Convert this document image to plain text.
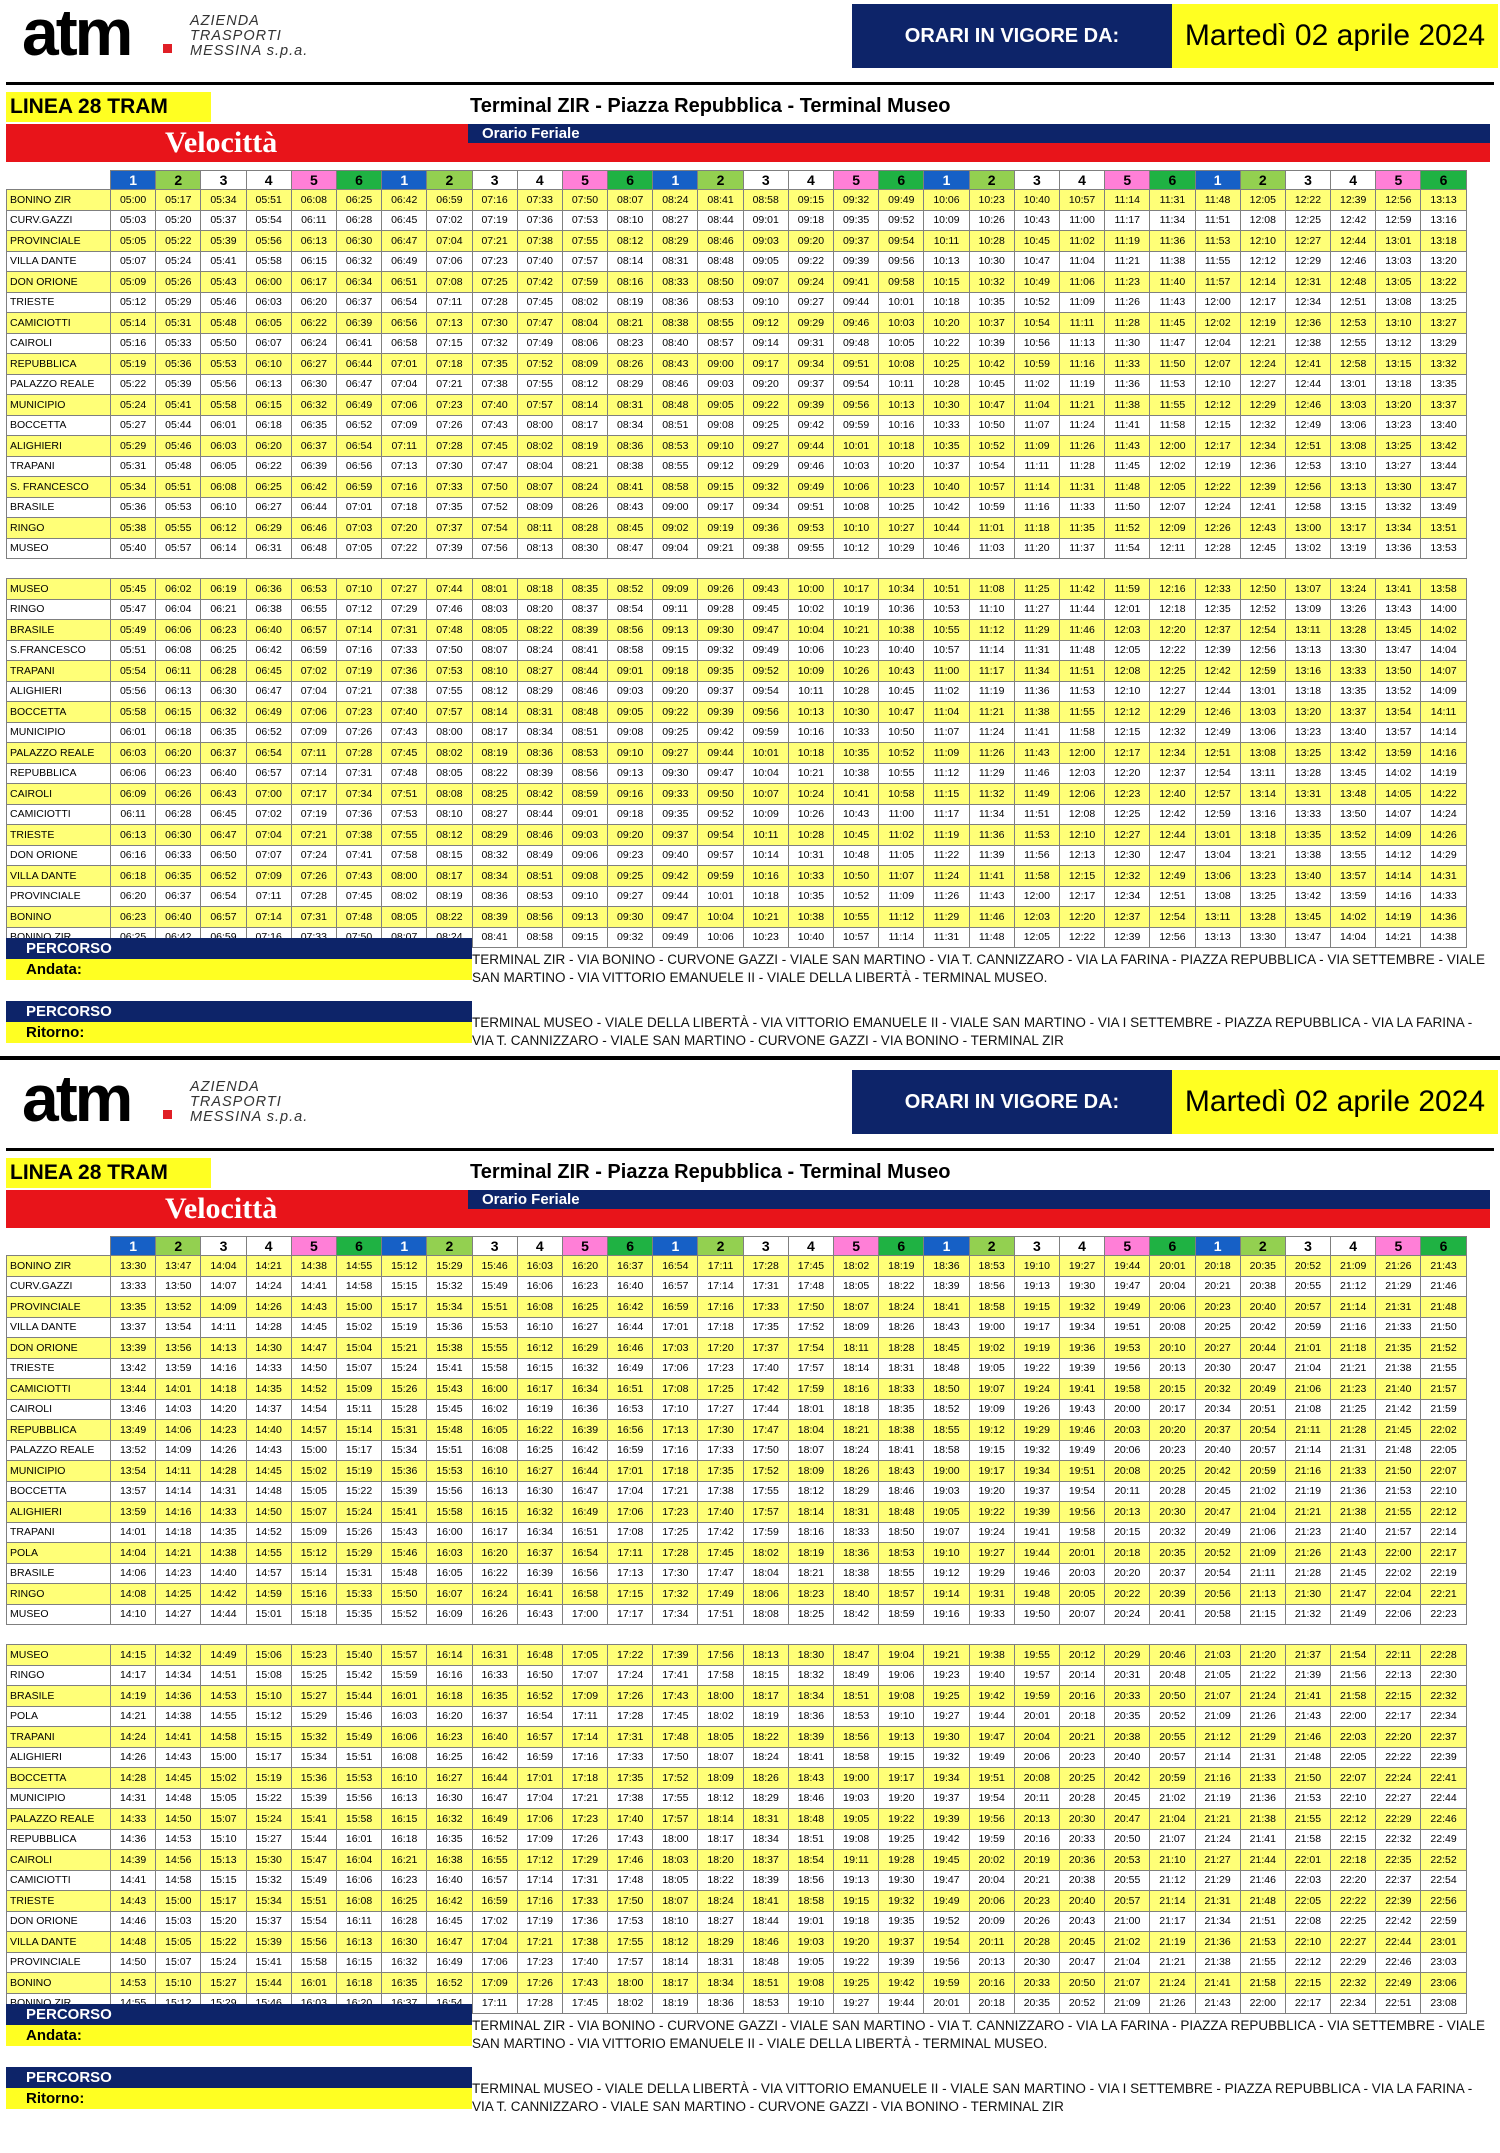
atm	AZIENDA
TRASPORTI
MESSINA s.p.a.
ORARI IN VIGORE DA:	Martedì 02 aprile 2024
LINEA 28 TRAM	Terminal ZIR - Piazza Repubblica - Terminal Museo
Velocittà	Orario Feriale
	1	2	3	4	5	6	1	2	3	4	5	6	1	2	3	4	5	6	1	2	3	4	5	6	1	2	3	4	5	6
BONINO ZIR	05:00	05:17	05:34	05:51	06:08	06:25	06:42	06:59	07:16	07:33	07:50	08:07	08:24	08:41	08:58	09:15	09:32	09:49	10:06	10:23	10:40	10:57	11:14	11:31	11:48	12:05	12:22	12:39	12:56	13:13
CURV.GAZZI	05:03	05:20	05:37	05:54	06:11	06:28	06:45	07:02	07:19	07:36	07:53	08:10	08:27	08:44	09:01	09:18	09:35	09:52	10:09	10:26	10:43	11:00	11:17	11:34	11:51	12:08	12:25	12:42	12:59	13:16
PROVINCIALE	05:05	05:22	05:39	05:56	06:13	06:30	06:47	07:04	07:21	07:38	07:55	08:12	08:29	08:46	09:03	09:20	09:37	09:54	10:11	10:28	10:45	11:02	11:19	11:36	11:53	12:10	12:27	12:44	13:01	13:18
VILLA DANTE	05:07	05:24	05:41	05:58	06:15	06:32	06:49	07:06	07:23	07:40	07:57	08:14	08:31	08:48	09:05	09:22	09:39	09:56	10:13	10:30	10:47	11:04	11:21	11:38	11:55	12:12	12:29	12:46	13:03	13:20
DON ORIONE	05:09	05:26	05:43	06:00	06:17	06:34	06:51	07:08	07:25	07:42	07:59	08:16	08:33	08:50	09:07	09:24	09:41	09:58	10:15	10:32	10:49	11:06	11:23	11:40	11:57	12:14	12:31	12:48	13:05	13:22
TRIESTE	05:12	05:29	05:46	06:03	06:20	06:37	06:54	07:11	07:28	07:45	08:02	08:19	08:36	08:53	09:10	09:27	09:44	10:01	10:18	10:35	10:52	11:09	11:26	11:43	12:00	12:17	12:34	12:51	13:08	13:25
CAMICIOTTI	05:14	05:31	05:48	06:05	06:22	06:39	06:56	07:13	07:30	07:47	08:04	08:21	08:38	08:55	09:12	09:29	09:46	10:03	10:20	10:37	10:54	11:11	11:28	11:45	12:02	12:19	12:36	12:53	13:10	13:27
CAIROLI	05:16	05:33	05:50	06:07	06:24	06:41	06:58	07:15	07:32	07:49	08:06	08:23	08:40	08:57	09:14	09:31	09:48	10:05	10:22	10:39	10:56	11:13	11:30	11:47	12:04	12:21	12:38	12:55	13:12	13:29
REPUBBLICA	05:19	05:36	05:53	06:10	06:27	06:44	07:01	07:18	07:35	07:52	08:09	08:26	08:43	09:00	09:17	09:34	09:51	10:08	10:25	10:42	10:59	11:16	11:33	11:50	12:07	12:24	12:41	12:58	13:15	13:32
PALAZZO REALE	05:22	05:39	05:56	06:13	06:30	06:47	07:04	07:21	07:38	07:55	08:12	08:29	08:46	09:03	09:20	09:37	09:54	10:11	10:28	10:45	11:02	11:19	11:36	11:53	12:10	12:27	12:44	13:01	13:18	13:35
MUNICIPIO	05:24	05:41	05:58	06:15	06:32	06:49	07:06	07:23	07:40	07:57	08:14	08:31	08:48	09:05	09:22	09:39	09:56	10:13	10:30	10:47	11:04	11:21	11:38	11:55	12:12	12:29	12:46	13:03	13:20	13:37
BOCCETTA	05:27	05:44	06:01	06:18	06:35	06:52	07:09	07:26	07:43	08:00	08:17	08:34	08:51	09:08	09:25	09:42	09:59	10:16	10:33	10:50	11:07	11:24	11:41	11:58	12:15	12:32	12:49	13:06	13:23	13:40
ALIGHIERI	05:29	05:46	06:03	06:20	06:37	06:54	07:11	07:28	07:45	08:02	08:19	08:36	08:53	09:10	09:27	09:44	10:01	10:18	10:35	10:52	11:09	11:26	11:43	12:00	12:17	12:34	12:51	13:08	13:25	13:42
TRAPANI	05:31	05:48	06:05	06:22	06:39	06:56	07:13	07:30	07:47	08:04	08:21	08:38	08:55	09:12	09:29	09:46	10:03	10:20	10:37	10:54	11:11	11:28	11:45	12:02	12:19	12:36	12:53	13:10	13:27	13:44
S. FRANCESCO	05:34	05:51	06:08	06:25	06:42	06:59	07:16	07:33	07:50	08:07	08:24	08:41	08:58	09:15	09:32	09:49	10:06	10:23	10:40	10:57	11:14	11:31	11:48	12:05	12:22	12:39	12:56	13:13	13:30	13:47
BRASILE	05:36	05:53	06:10	06:27	06:44	07:01	07:18	07:35	07:52	08:09	08:26	08:43	09:00	09:17	09:34	09:51	10:08	10:25	10:42	10:59	11:16	11:33	11:50	12:07	12:24	12:41	12:58	13:15	13:32	13:49
RINGO	05:38	05:55	06:12	06:29	06:46	07:03	07:20	07:37	07:54	08:11	08:28	08:45	09:02	09:19	09:36	09:53	10:10	10:27	10:44	11:01	11:18	11:35	11:52	12:09	12:26	12:43	13:00	13:17	13:34	13:51
MUSEO	05:40	05:57	06:14	06:31	06:48	07:05	07:22	07:39	07:56	08:13	08:30	08:47	09:04	09:21	09:38	09:55	10:12	10:29	10:46	11:03	11:20	11:37	11:54	12:11	12:28	12:45	13:02	13:19	13:36	13:53

MUSEO	05:45	06:02	06:19	06:36	06:53	07:10	07:27	07:44	08:01	08:18	08:35	08:52	09:09	09:26	09:43	10:00	10:17	10:34	10:51	11:08	11:25	11:42	11:59	12:16	12:33	12:50	13:07	13:24	13:41	13:58
RINGO	05:47	06:04	06:21	06:38	06:55	07:12	07:29	07:46	08:03	08:20	08:37	08:54	09:11	09:28	09:45	10:02	10:19	10:36	10:53	11:10	11:27	11:44	12:01	12:18	12:35	12:52	13:09	13:26	13:43	14:00
BRASILE	05:49	06:06	06:23	06:40	06:57	07:14	07:31	07:48	08:05	08:22	08:39	08:56	09:13	09:30	09:47	10:04	10:21	10:38	10:55	11:12	11:29	11:46	12:03	12:20	12:37	12:54	13:11	13:28	13:45	14:02
S.FRANCESCO	05:51	06:08	06:25	06:42	06:59	07:16	07:33	07:50	08:07	08:24	08:41	08:58	09:15	09:32	09:49	10:06	10:23	10:40	10:57	11:14	11:31	11:48	12:05	12:22	12:39	12:56	13:13	13:30	13:47	14:04
TRAPANI	05:54	06:11	06:28	06:45	07:02	07:19	07:36	07:53	08:10	08:27	08:44	09:01	09:18	09:35	09:52	10:09	10:26	10:43	11:00	11:17	11:34	11:51	12:08	12:25	12:42	12:59	13:16	13:33	13:50	14:07
ALIGHIERI	05:56	06:13	06:30	06:47	07:04	07:21	07:38	07:55	08:12	08:29	08:46	09:03	09:20	09:37	09:54	10:11	10:28	10:45	11:02	11:19	11:36	11:53	12:10	12:27	12:44	13:01	13:18	13:35	13:52	14:09
BOCCETTA	05:58	06:15	06:32	06:49	07:06	07:23	07:40	07:57	08:14	08:31	08:48	09:05	09:22	09:39	09:56	10:13	10:30	10:47	11:04	11:21	11:38	11:55	12:12	12:29	12:46	13:03	13:20	13:37	13:54	14:11
MUNICIPIO	06:01	06:18	06:35	06:52	07:09	07:26	07:43	08:00	08:17	08:34	08:51	09:08	09:25	09:42	09:59	10:16	10:33	10:50	11:07	11:24	11:41	11:58	12:15	12:32	12:49	13:06	13:23	13:40	13:57	14:14
PALAZZO REALE	06:03	06:20	06:37	06:54	07:11	07:28	07:45	08:02	08:19	08:36	08:53	09:10	09:27	09:44	10:01	10:18	10:35	10:52	11:09	11:26	11:43	12:00	12:17	12:34	12:51	13:08	13:25	13:42	13:59	14:16
REPUBBLICA	06:06	06:23	06:40	06:57	07:14	07:31	07:48	08:05	08:22	08:39	08:56	09:13	09:30	09:47	10:04	10:21	10:38	10:55	11:12	11:29	11:46	12:03	12:20	12:37	12:54	13:11	13:28	13:45	14:02	14:19
CAIROLI	06:09	06:26	06:43	07:00	07:17	07:34	07:51	08:08	08:25	08:42	08:59	09:16	09:33	09:50	10:07	10:24	10:41	10:58	11:15	11:32	11:49	12:06	12:23	12:40	12:57	13:14	13:31	13:48	14:05	14:22
CAMICIOTTI	06:11	06:28	06:45	07:02	07:19	07:36	07:53	08:10	08:27	08:44	09:01	09:18	09:35	09:52	10:09	10:26	10:43	11:00	11:17	11:34	11:51	12:08	12:25	12:42	12:59	13:16	13:33	13:50	14:07	14:24
TRIESTE	06:13	06:30	06:47	07:04	07:21	07:38	07:55	08:12	08:29	08:46	09:03	09:20	09:37	09:54	10:11	10:28	10:45	11:02	11:19	11:36	11:53	12:10	12:27	12:44	13:01	13:18	13:35	13:52	14:09	14:26
DON ORIONE	06:16	06:33	06:50	07:07	07:24	07:41	07:58	08:15	08:32	08:49	09:06	09:23	09:40	09:57	10:14	10:31	10:48	11:05	11:22	11:39	11:56	12:13	12:30	12:47	13:04	13:21	13:38	13:55	14:12	14:29
VILLA DANTE	06:18	06:35	06:52	07:09	07:26	07:43	08:00	08:17	08:34	08:51	09:08	09:25	09:42	09:59	10:16	10:33	10:50	11:07	11:24	11:41	11:58	12:15	12:32	12:49	13:06	13:23	13:40	13:57	14:14	14:31
PROVINCIALE	06:20	06:37	06:54	07:11	07:28	07:45	08:02	08:19	08:36	08:53	09:10	09:27	09:44	10:01	10:18	10:35	10:52	11:09	11:26	11:43	12:00	12:17	12:34	12:51	13:08	13:25	13:42	13:59	14:16	14:33
BONINO	06:23	06:40	06:57	07:14	07:31	07:48	08:05	08:22	08:39	08:56	09:13	09:30	09:47	10:04	10:21	10:38	10:55	11:12	11:29	11:46	12:03	12:20	12:37	12:54	13:11	13:28	13:45	14:02	14:19	14:36
									08:41	08:58	09:15	09:32	09:49	10:06	10:23	10:40	10:57	11:14	11:31	11:48	12:05	12:22	12:39	12:56	13:13	13:30	13:47	14:04	14:21	14:38
PERCORSO
Andata:
TERMINAL ZIR - VIA BONINO - CURVONE GAZZI - VIALE SAN MARTINO - VIA T. CANNIZZARO - VIA LA FARINA - PIAZZA REPUBBLICA - VIA SETTEMBRE - VIALE SAN MARTINO - VIA VITTORIO EMANUELE II - VIALE DELLA LIBERTÀ - TERMINAL MUSEO.
PERCORSO
Ritorno:
TERMINAL MUSEO - VIALE DELLA LIBERTÀ - VIA VITTORIO EMANUELE II - VIALE SAN MARTINO - VIA I SETTEMBRE - PIAZZA REPUBBLICA - VIA LA FARINA - VIA T. CANNIZZARO - VIALE SAN MARTINO - CURVONE GAZZI - VIA BONINO - TERMINAL ZIR
atm	AZIENDA
TRASPORTI
MESSINA s.p.a.
ORARI IN VIGORE DA:	Martedì 02 aprile 2024
LINEA 28 TRAM	Terminal ZIR - Piazza Repubblica - Terminal Museo
Velocittà	Orario Feriale
	1	2	3	4	5	6	1	2	3	4	5	6	1	2	3	4	5	6	1	2	3	4	5	6	1	2	3	4	5	6
BONINO ZIR	13:30	13:47	14:04	14:21	14:38	14:55	15:12	15:29	15:46	16:03	16:20	16:37	16:54	17:11	17:28	17:45	18:02	18:19	18:36	18:53	19:10	19:27	19:44	20:01	20:18	20:35	20:52	21:09	21:26	21:43
CURV.GAZZI	13:33	13:50	14:07	14:24	14:41	14:58	15:15	15:32	15:49	16:06	16:23	16:40	16:57	17:14	17:31	17:48	18:05	18:22	18:39	18:56	19:13	19:30	19:47	20:04	20:21	20:38	20:55	21:12	21:29	21:46
PROVINCIALE	13:35	13:52	14:09	14:26	14:43	15:00	15:17	15:34	15:51	16:08	16:25	16:42	16:59	17:16	17:33	17:50	18:07	18:24	18:41	18:58	19:15	19:32	19:49	20:06	20:23	20:40	20:57	21:14	21:31	21:48
VILLA DANTE	13:37	13:54	14:11	14:28	14:45	15:02	15:19	15:36	15:53	16:10	16:27	16:44	17:01	17:18	17:35	17:52	18:09	18:26	18:43	19:00	19:17	19:34	19:51	20:08	20:25	20:42	20:59	21:16	21:33	21:50
DON ORIONE	13:39	13:56	14:13	14:30	14:47	15:04	15:21	15:38	15:55	16:12	16:29	16:46	17:03	17:20	17:37	17:54	18:11	18:28	18:45	19:02	19:19	19:36	19:53	20:10	20:27	20:44	21:01	21:18	21:35	21:52
TRIESTE	13:42	13:59	14:16	14:33	14:50	15:07	15:24	15:41	15:58	16:15	16:32	16:49	17:06	17:23	17:40	17:57	18:14	18:31	18:48	19:05	19:22	19:39	19:56	20:13	20:30	20:47	21:04	21:21	21:38	21:55
CAMICIOTTI	13:44	14:01	14:18	14:35	14:52	15:09	15:26	15:43	16:00	16:17	16:34	16:51	17:08	17:25	17:42	17:59	18:16	18:33	18:50	19:07	19:24	19:41	19:58	20:15	20:32	20:49	21:06	21:23	21:40	21:57
CAIROLI	13:46	14:03	14:20	14:37	14:54	15:11	15:28	15:45	16:02	16:19	16:36	16:53	17:10	17:27	17:44	18:01	18:18	18:35	18:52	19:09	19:26	19:43	20:00	20:17	20:34	20:51	21:08	21:25	21:42	21:59
REPUBBLICA	13:49	14:06	14:23	14:40	14:57	15:14	15:31	15:48	16:05	16:22	16:39	16:56	17:13	17:30	17:47	18:04	18:21	18:38	18:55	19:12	19:29	19:46	20:03	20:20	20:37	20:54	21:11	21:28	21:45	22:02
PALAZZO REALE	13:52	14:09	14:26	14:43	15:00	15:17	15:34	15:51	16:08	16:25	16:42	16:59	17:16	17:33	17:50	18:07	18:24	18:41	18:58	19:15	19:32	19:49	20:06	20:23	20:40	20:57	21:14	21:31	21:48	22:05
MUNICIPIO	13:54	14:11	14:28	14:45	15:02	15:19	15:36	15:53	16:10	16:27	16:44	17:01	17:18	17:35	17:52	18:09	18:26	18:43	19:00	19:17	19:34	19:51	20:08	20:25	20:42	20:59	21:16	21:33	21:50	22:07
BOCCETTA	13:57	14:14	14:31	14:48	15:05	15:22	15:39	15:56	16:13	16:30	16:47	17:04	17:21	17:38	17:55	18:12	18:29	18:46	19:03	19:20	19:37	19:54	20:11	20:28	20:45	21:02	21:19	21:36	21:53	22:10
ALIGHIERI	13:59	14:16	14:33	14:50	15:07	15:24	15:41	15:58	16:15	16:32	16:49	17:06	17:23	17:40	17:57	18:14	18:31	18:48	19:05	19:22	19:39	19:56	20:13	20:30	20:47	21:04	21:21	21:38	21:55	22:12
TRAPANI	14:01	14:18	14:35	14:52	15:09	15:26	15:43	16:00	16:17	16:34	16:51	17:08	17:25	17:42	17:59	18:16	18:33	18:50	19:07	19:24	19:41	19:58	20:15	20:32	20:49	21:06	21:23	21:40	21:57	22:14
POLA	14:04	14:21	14:38	14:55	15:12	15:29	15:46	16:03	16:20	16:37	16:54	17:11	17:28	17:45	18:02	18:19	18:36	18:53	19:10	19:27	19:44	20:01	20:18	20:35	20:52	21:09	21:26	21:43	22:00	22:17
BRASILE	14:06	14:23	14:40	14:57	15:14	15:31	15:48	16:05	16:22	16:39	16:56	17:13	17:30	17:47	18:04	18:21	18:38	18:55	19:12	19:29	19:46	20:03	20:20	20:37	20:54	21:11	21:28	21:45	22:02	22:19
RINGO	14:08	14:25	14:42	14:59	15:16	15:33	15:50	16:07	16:24	16:41	16:58	17:15	17:32	17:49	18:06	18:23	18:40	18:57	19:14	19:31	19:48	20:05	20:22	20:39	20:56	21:13	21:30	21:47	22:04	22:21
MUSEO	14:10	14:27	14:44	15:01	15:18	15:35	15:52	16:09	16:26	16:43	17:00	17:17	17:34	17:51	18:08	18:25	18:42	18:59	19:16	19:33	19:50	20:07	20:24	20:41	20:58	21:15	21:32	21:49	22:06	22:23

MUSEO	14:15	14:32	14:49	15:06	15:23	15:40	15:57	16:14	16:31	16:48	17:05	17:22	17:39	17:56	18:13	18:30	18:47	19:04	19:21	19:38	19:55	20:12	20:29	20:46	21:03	21:20	21:37	21:54	22:11	22:28
RINGO	14:17	14:34	14:51	15:08	15:25	15:42	15:59	16:16	16:33	16:50	17:07	17:24	17:41	17:58	18:15	18:32	18:49	19:06	19:23	19:40	19:57	20:14	20:31	20:48	21:05	21:22	21:39	21:56	22:13	22:30
BRASILE	14:19	14:36	14:53	15:10	15:27	15:44	16:01	16:18	16:35	16:52	17:09	17:26	17:43	18:00	18:17	18:34	18:51	19:08	19:25	19:42	19:59	20:16	20:33	20:50	21:07	21:24	21:41	21:58	22:15	22:32
POLA	14:21	14:38	14:55	15:12	15:29	15:46	16:03	16:20	16:37	16:54	17:11	17:28	17:45	18:02	18:19	18:36	18:53	19:10	19:27	19:44	20:01	20:18	20:35	20:52	21:09	21:26	21:43	22:00	22:17	22:34
TRAPANI	14:24	14:41	14:58	15:15	15:32	15:49	16:06	16:23	16:40	16:57	17:14	17:31	17:48	18:05	18:22	18:39	18:56	19:13	19:30	19:47	20:04	20:21	20:38	20:55	21:12	21:29	21:46	22:03	22:20	22:37
ALIGHIERI	14:26	14:43	15:00	15:17	15:34	15:51	16:08	16:25	16:42	16:59	17:16	17:33	17:50	18:07	18:24	18:41	18:58	19:15	19:32	19:49	20:06	20:23	20:40	20:57	21:14	21:31	21:48	22:05	22:22	22:39
BOCCETTA	14:28	14:45	15:02	15:19	15:36	15:53	16:10	16:27	16:44	17:01	17:18	17:35	17:52	18:09	18:26	18:43	19:00	19:17	19:34	19:51	20:08	20:25	20:42	20:59	21:16	21:33	21:50	22:07	22:24	22:41
MUNICIPIO	14:31	14:48	15:05	15:22	15:39	15:56	16:13	16:30	16:47	17:04	17:21	17:38	17:55	18:12	18:29	18:46	19:03	19:20	19:37	19:54	20:11	20:28	20:45	21:02	21:19	21:36	21:53	22:10	22:27	22:44
PALAZZO REALE	14:33	14:50	15:07	15:24	15:41	15:58	16:15	16:32	16:49	17:06	17:23	17:40	17:57	18:14	18:31	18:48	19:05	19:22	19:39	19:56	20:13	20:30	20:47	21:04	21:21	21:38	21:55	22:12	22:29	22:46
REPUBBLICA	14:36	14:53	15:10	15:27	15:44	16:01	16:18	16:35	16:52	17:09	17:26	17:43	18:00	18:17	18:34	18:51	19:08	19:25	19:42	19:59	20:16	20:33	20:50	21:07	21:24	21:41	21:58	22:15	22:32	22:49
CAIROLI	14:39	14:56	15:13	15:30	15:47	16:04	16:21	16:38	16:55	17:12	17:29	17:46	18:03	18:20	18:37	18:54	19:11	19:28	19:45	20:02	20:19	20:36	20:53	21:10	21:27	21:44	22:01	22:18	22:35	22:52
CAMICIOTTI	14:41	14:58	15:15	15:32	15:49	16:06	16:23	16:40	16:57	17:14	17:31	17:48	18:05	18:22	18:39	18:56	19:13	19:30	19:47	20:04	20:21	20:38	20:55	21:12	21:29	21:46	22:03	22:20	22:37	22:54
TRIESTE	14:43	15:00	15:17	15:34	15:51	16:08	16:25	16:42	16:59	17:16	17:33	17:50	18:07	18:24	18:41	18:58	19:15	19:32	19:49	20:06	20:23	20:40	20:57	21:14	21:31	21:48	22:05	22:22	22:39	22:56
DON ORIONE	14:46	15:03	15:20	15:37	15:54	16:11	16:28	16:45	17:02	17:19	17:36	17:53	18:10	18:27	18:44	19:01	19:18	19:35	19:52	20:09	20:26	20:43	21:00	21:17	21:34	21:51	22:08	22:25	22:42	22:59
VILLA DANTE	14:48	15:05	15:22	15:39	15:56	16:13	16:30	16:47	17:04	17:21	17:38	17:55	18:12	18:29	18:46	19:03	19:20	19:37	19:54	20:11	20:28	20:45	21:02	21:19	21:36	21:53	22:10	22:27	22:44	23:01
PROVINCIALE	14:50	15:07	15:24	15:41	15:58	16:15	16:32	16:49	17:06	17:23	17:40	17:57	18:14	18:31	18:48	19:05	19:22	19:39	19:56	20:13	20:30	20:47	21:04	21:21	21:38	21:55	22:12	22:29	22:46	23:03
BONINO	14:53	15:10	15:27	15:44	16:01	16:18	16:35	16:52	17:09	17:26	17:43	18:00	18:17	18:34	18:51	19:08	19:25	19:42	19:59	20:16	20:33	20:50	21:07	21:24	21:41	21:58	22:15	22:32	22:49	23:06
									17:11	17:28	17:45	18:02	18:19	18:36	18:53	19:10	19:27	19:44	20:01	20:18	20:35	20:52	21:09	21:26	21:43	22:00	22:17	22:34	22:51	23:08
PERCORSO
Andata:
TERMINAL ZIR - VIA BONINO - CURVONE GAZZI - VIALE SAN MARTINO - VIA T. CANNIZZARO - VIA LA FARINA - PIAZZA REPUBBLICA - VIA SETTEMBRE - VIALE SAN MARTINO - VIA VITTORIO EMANUELE II - VIALE DELLA LIBERTÀ - TERMINAL MUSEO.
PERCORSO
Ritorno:
TERMINAL MUSEO - VIALE DELLA LIBERTÀ - VIA VITTORIO EMANUELE II - VIALE SAN MARTINO - VIA I SETTEMBRE - PIAZZA REPUBBLICA - VIA LA FARINA - VIA T. CANNIZZARO - VIALE SAN MARTINO - CURVONE GAZZI - VIA BONINO - TERMINAL ZIR
